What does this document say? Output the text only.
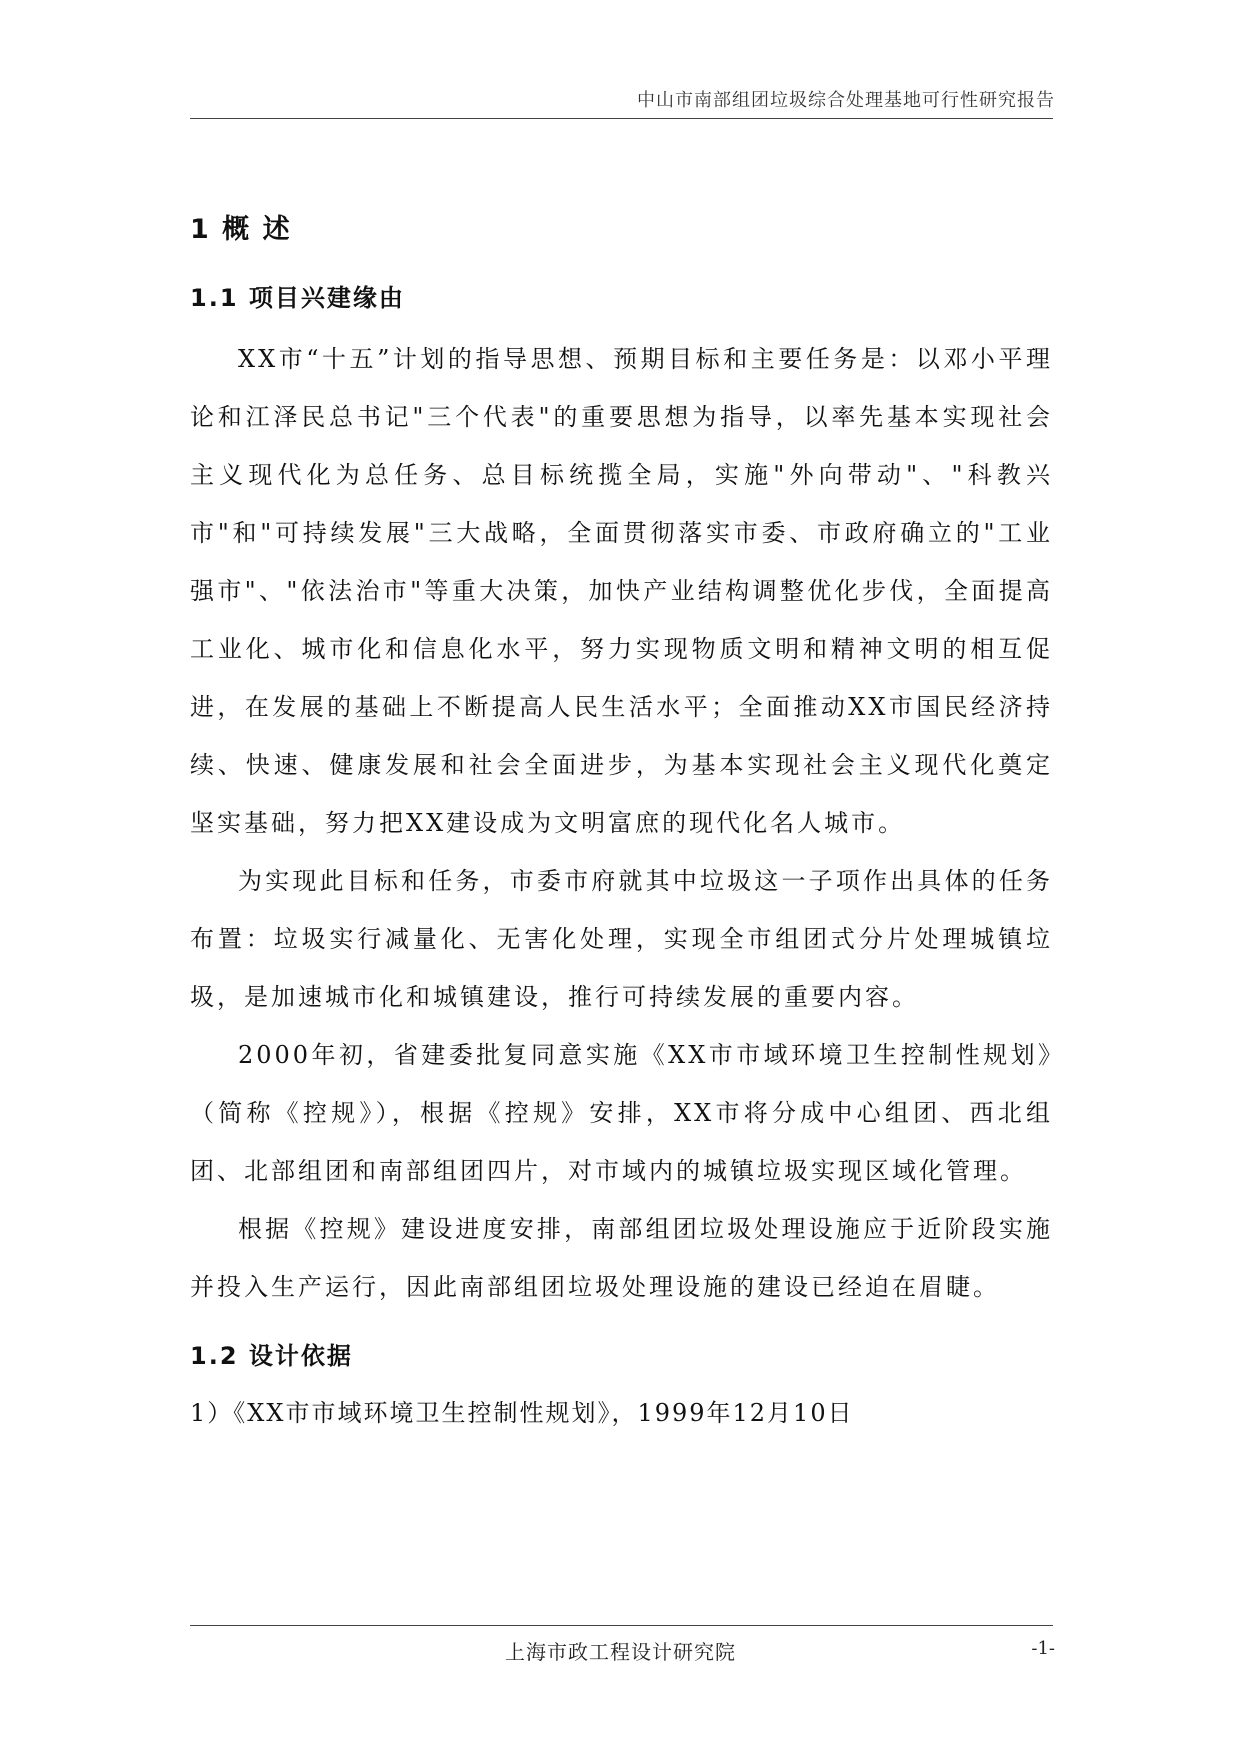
中山市南部组团垃圾综合处理基地可行性研究报告
1 概 述
1.1 项目兴建缘由

XX市“十五”计划的指导思想、预期目标和主要任务是：以邓小平理论和江泽民总书记"三个代表"的重要思想为指导，以率先基本实现社会主义现代化为总任务、总目标统揽全局，实施"外向带动"、"科教兴市"和"可持续发展"三大战略，全面贯彻落实市委、市政府确立的"工业强市"、"依法治市"等重大决策，加快产业结构调整优化步伐，全面提高工业化、城市化和信息化水平，努力实现物质文明和精神文明的相互促进，在发展的基础上不断提高人民生活水平；全面推动XX市国民经济持续、快速、健康发展和社会全面进步，为基本实现社会主义现代化奠定坚实基础，努力把XX建设成为文明富庶的现代化名人城市。

为实现此目标和任务，市委市府就其中垃圾这一子项作出具体的任务布置：垃圾实行减量化、无害化处理，实现全市组团式分片处理城镇垃圾，是加速城市化和城镇建设，推行可持续发展的重要内容。

2000年初，省建委批复同意实施《XX市市域环境卫生控制性规划》（简称《控规》），根据《控规》安排，XX市将分成中心组团、西北组团、北部组团和南部组团四片，对市域内的城镇垃圾实现区域化管理。

根据《控规》建设进度安排，南部组团垃圾处理设施应于近阶段实施并投入生产运行，因此南部组团垃圾处理设施的建设已经迫在眉睫。

1.2 设计依据
1）《XX市市域环境卫生控制性规划》，1999年12月10日
上海市政工程设计研究院	-1-
